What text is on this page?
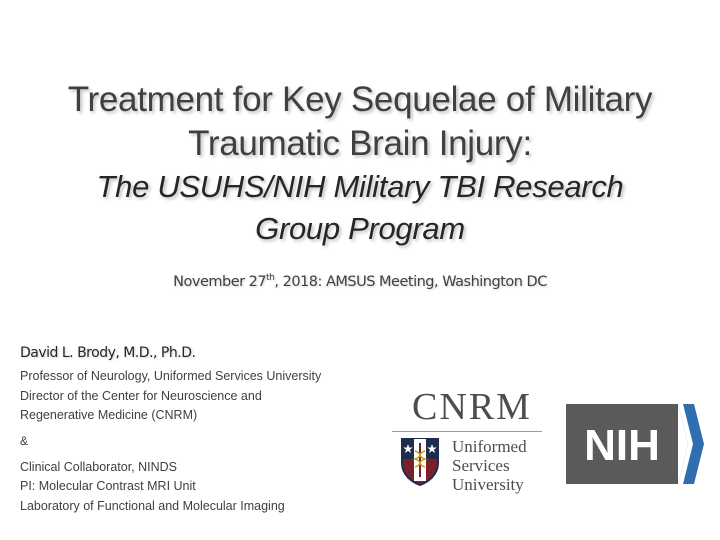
Treatment for Key Sequelae of Military
Traumatic Brain Injury:
The USUHS/NIH Military TBI Research
Group Program
November 27th, 2018: AMSUS Meeting, Washington DC
David L. Brody, M.D., Ph.D.
Professor of Neurology, Uniformed Services University
Director of the Center for Neuroscience and
Regenerative Medicine (CNRM)
&
Clinical Collaborator, NINDS
PI: Molecular Contrast MRI Unit
Laboratory of Functional and Molecular Imaging
CNRM
Uniformed
Services
University
NIH
